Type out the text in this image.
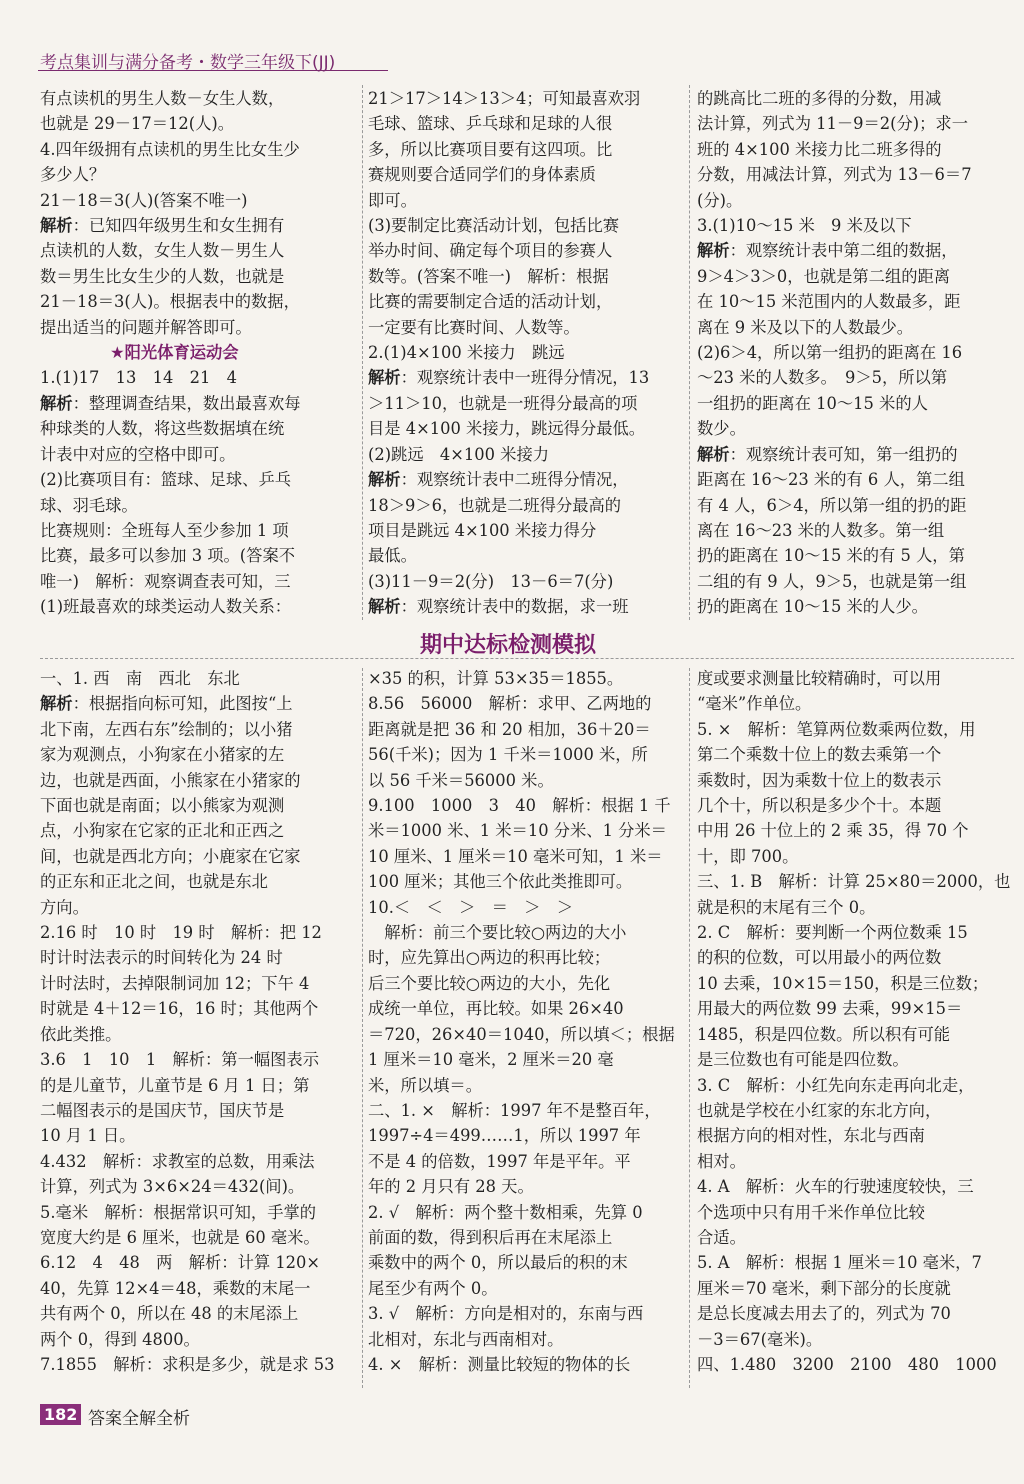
考点集训与满分备考・数学三年级下(JJ)
有点读机的男生人数－女生人数，
也就是 29－17＝12(人)。
4.四年级拥有点读机的男生比女生少
多少人？
21－18＝3(人)(答案不唯一)
解析：已知四年级男生和女生拥有
点读机的人数，女生人数－男生人
数＝男生比女生少的人数，也就是
21－18＝3(人)。根据表中的数据，
提出适当的问题并解答即可。
★阳光体育运动会
1.(1)17　13　14　21　4
解析：整理调查结果，数出最喜欢每
种球类的人数，将这些数据填在统
计表中对应的空格中即可。
(2)比赛项目有：篮球、足球、乒乓
球、羽毛球。
比赛规则：全班每人至少参加 1 项
比赛，最多可以参加 3 项。(答案不
唯一)　解析：观察调查表可知，三
(1)班最喜欢的球类运动人数关系：
21＞17＞14＞13＞4；可知最喜欢羽
毛球、篮球、乒乓球和足球的人很
多，所以比赛项目要有这四项。比
赛规则要合适同学们的身体素质
即可。
(3)要制定比赛活动计划，包括比赛
举办时间、确定每个项目的参赛人
数等。(答案不唯一)　解析：根据
比赛的需要制定合适的活动计划，
一定要有比赛时间、人数等。
2.(1)4×100 米接力　跳远
解析：观察统计表中一班得分情况，13
＞11＞10，也就是一班得分最高的项
目是 4×100 米接力，跳远得分最低。
(2)跳远　4×100 米接力
解析：观察统计表中二班得分情况，
18＞9＞6，也就是二班得分最高的
项目是跳远 4×100 米接力得分
最低。
(3)11－9＝2(分)　13－6＝7(分)
解析：观察统计表中的数据，求一班
的跳高比二班的多得的分数，用减
法计算，列式为 11－9＝2(分)；求一
班的 4×100 米接力比二班多得的
分数，用减法计算，列式为 13－6＝7
(分)。
3.(1)10～15 米　9 米及以下
解析：观察统计表中第二组的数据，
9＞4＞3＞0，也就是第二组的距离
在 10～15 米范围内的人数最多，距
离在 9 米及以下的人数最少。
(2)6＞4，所以第一组扔的距离在 16
～23 米的人数多。　9＞5，所以第
一组扔的距离在 10～15 米的人
数少。
解析：观察统计表可知，第一组扔的
距离在 16～23 米的有 6 人，第二组
有 4 人，6＞4，所以第一组的扔的距
离在 16～23 米的人数多。第一组
扔的距离在 10～15 米的有 5 人，第
二组的有 9 人，9＞5，也就是第一组
扔的距离在 10～15 米的人少。
期中达标检测模拟
一、1. 西　南　西北　东北
解析：根据指向标可知，此图按“上
北下南，左西右东”绘制的；以小猪
家为观测点，小狗家在小猪家的左
边，也就是西面，小熊家在小猪家的
下面也就是南面；以小熊家为观测
点，小狗家在它家的正北和正西之
间，也就是西北方向；小鹿家在它家
的正东和正北之间，也就是东北
方向。
2.16 时　10 时　19 时　解析：把 12
时计时法表示的时间转化为 24 时
计时法时，去掉限制词加 12；下午 4
时就是 4＋12＝16，16 时；其他两个
依此类推。
3.6　1　10　1　解析：第一幅图表示
的是儿童节，儿童节是 6 月 1 日；第
二幅图表示的是国庆节，国庆节是
10 月 1 日。
4.432　解析：求教室的总数，用乘法
计算，列式为 3×6×24＝432(间)。
5.毫米　解析：根据常识可知，手掌的
宽度大约是 6 厘米，也就是 60 毫米。
6.12　4　48　两　解析：计算 120×
40，先算 12×4＝48，乘数的末尾一
共有两个 0，所以在 48 的末尾添上
两个 0，得到 4800。
7.1855　解析：求积是多少，就是求 53
×35 的积，计算 53×35＝1855。
8.56　56000　解析：求甲、乙两地的
距离就是把 36 和 20 相加，36＋20＝
56(千米)；因为 1 千米＝1000 米，所
以 56 千米＝56000 米。
9.100　1000　3　40　解析：根据 1 千
米＝1000 米、1 米＝10 分米、1 分米＝
10 厘米、1 厘米＝10 毫米可知，1 米＝
100 厘米；其他三个依此类推即可。
10.＜　＜　＞　＝　＞　＞
　解析：前三个要比较○两边的大小
时，应先算出○两边的积再比较；
后三个要比较○两边的大小，先化
成统一单位，再比较。如果 26×40
＝720，26×40＝1040，所以填＜；根据
1 厘米＝10 毫米，2 厘米＝20 毫
米，所以填＝。
二、1. ×　解析：1997 年不是整百年，
1997÷4＝499……1，所以 1997 年
不是 4 的倍数，1997 年是平年。平
年的 2 月只有 28 天。
2. √　解析：两个整十数相乘，先算 0
前面的数，得到积后再在末尾添上
乘数中的两个 0，所以最后的积的末
尾至少有两个 0。
3. √　解析：方向是相对的，东南与西
北相对，东北与西南相对。
4. ×　解析：测量比较短的物体的长
度或要求测量比较精确时，可以用
“毫米”作单位。
5. ×　解析：笔算两位数乘两位数，用
第二个乘数十位上的数去乘第一个
乘数时，因为乘数十位上的数表示
几个十，所以积是多少个十。本题
中用 26 十位上的 2 乘 35，得 70 个
十，即 700。
三、1. B　解析：计算 25×80＝2000，也
就是积的末尾有三个 0。
2. C　解析：要判断一个两位数乘 15
的积的位数，可以用最小的两位数
10 去乘，10×15＝150，积是三位数；
用最大的两位数 99 去乘，99×15＝
1485，积是四位数。所以积有可能
是三位数也有可能是四位数。
3. C　解析：小红先向东走再向北走，
也就是学校在小红家的东北方向，
根据方向的相对性，东北与西南
相对。
4. A　解析：火车的行驶速度较快，三
个选项中只有用千米作单位比较
合适。
5. A　解析：根据 1 厘米＝10 毫米，7
厘米＝70 毫米，剩下部分的长度就
是总长度减去用去了的，列式为 70
－3＝67(毫米)。
四、1.480　3200　2100　480　1000
182 答案全解全析
